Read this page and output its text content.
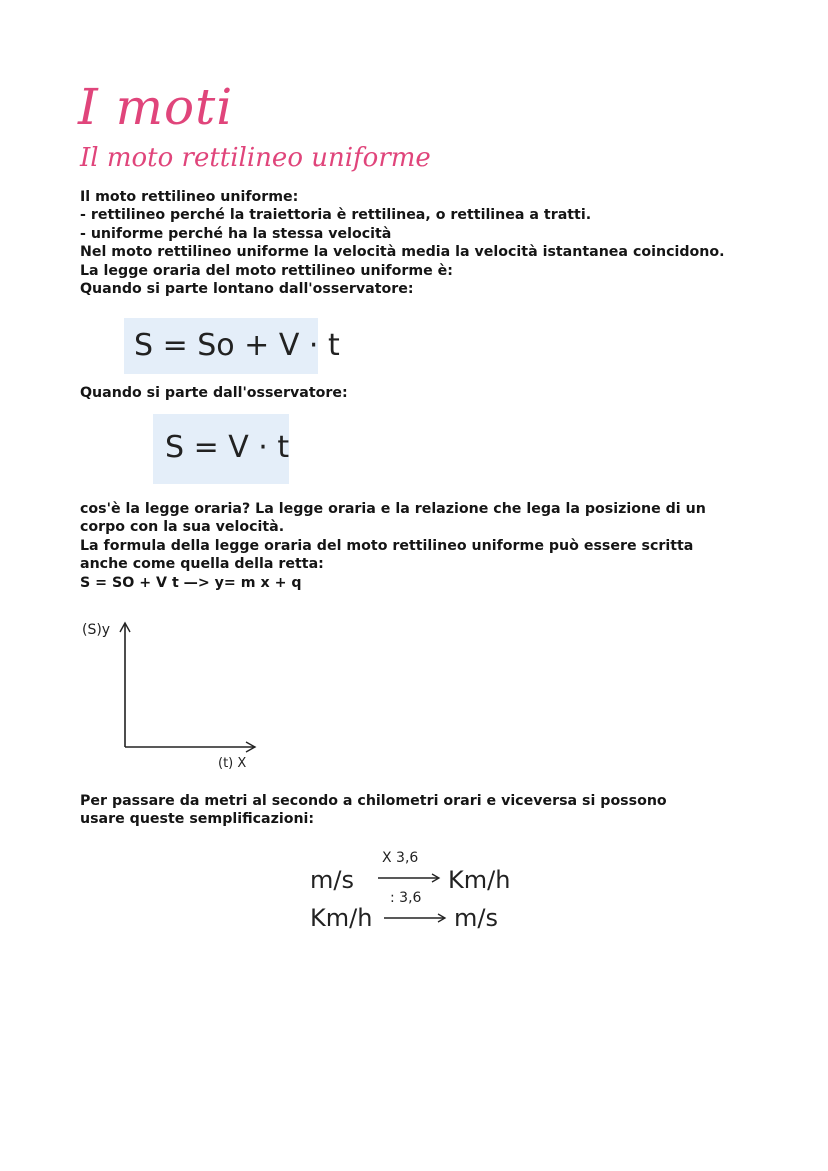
I moti
Il moto rettilineo uniforme
Il moto rettilineo uniforme:
- rettilineo perché la traiettoria è rettilinea, o rettilinea a tratti.
- uniforme perché ha la stessa velocità
Nel moto rettilineo uniforme la velocità media la velocità istantanea coincidono.
La legge oraria del moto rettilineo uniforme è:
Quando si parte lontano dall'osservatore:
S = So + V · t
Quando si parte dall'osservatore:
S = V · t
cos'è la legge oraria? La legge oraria e la relazione che lega la posizione di un
corpo con la sua velocità.
La formula della legge oraria del moto rettilineo uniforme può essere scritta
anche come quella della retta:
S = SO + V t —> y= m x + q
(S)y
(t) X
Per passare da metri al secondo a chilometri orari e viceversa si possono
usare queste semplificazioni:
m/s
X 3,6
Km/h
Km/h
: 3,6
m/s
